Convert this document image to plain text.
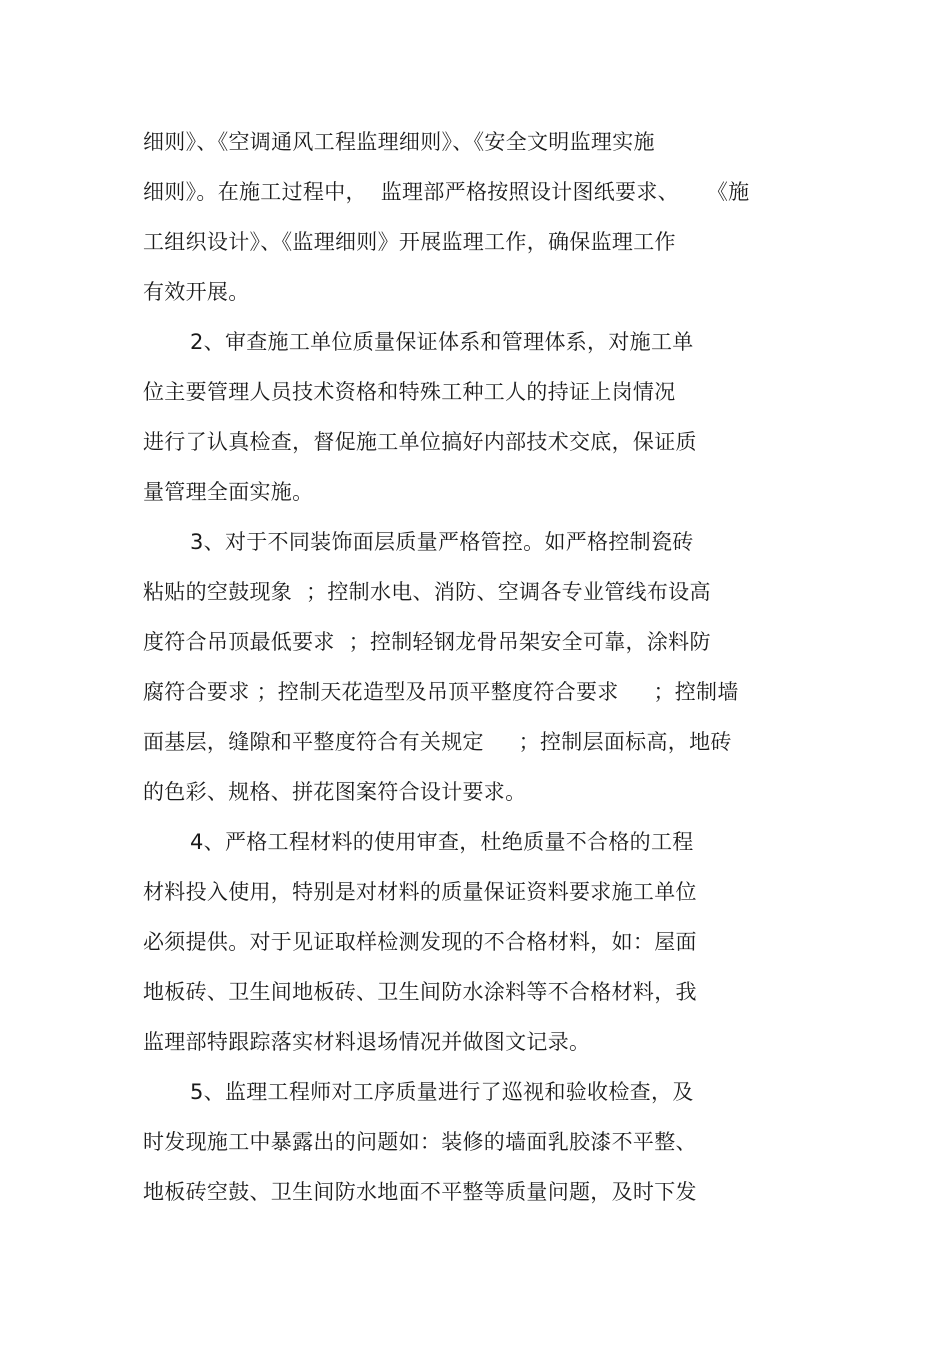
细则》、《空调通风工程监理细则》、《安全文明监理实施
细则》。在施工过程中，  监理部严格按照设计图纸要求、    《施
工组织设计》、《监理细则》开展监理工作，确保监理工作
有效开展。
2、审查施工单位质量保证体系和管理体系，对施工单
位主要管理人员技术资格和特殊工种工人的持证上岗情况
进行了认真检查，督促施工单位搞好内部技术交底，保证质
量管理全面实施。
3、对于不同装饰面层质量严格管控。如严格控制瓷砖
粘贴的空鼓现象  ；控制水电、消防、空调各专业管线布设高
度符合吊顶最低要求  ；控制轻钢龙骨吊架安全可靠，涂料防
腐符合要求 ；控制天花造型及吊顶平整度符合要求     ；控制墙
面基层，缝隙和平整度符合有关规定     ；控制层面标高，地砖
的色彩、规格、拼花图案符合设计要求。
4、严格工程材料的使用审查，杜绝质量不合格的工程
材料投入使用，特别是对材料的质量保证资料要求施工单位
必须提供。对于见证取样检测发现的不合格材料，如：屋面
地板砖、卫生间地板砖、卫生间防水涂料等不合格材料，我
监理部特跟踪落实材料退场情况并做图文记录。
5、监理工程师对工序质量进行了巡视和验收检查，及
时发现施工中暴露出的问题如：装修的墙面乳胶漆不平整、
地板砖空鼓、卫生间防水地面不平整等质量问题，及时下发
